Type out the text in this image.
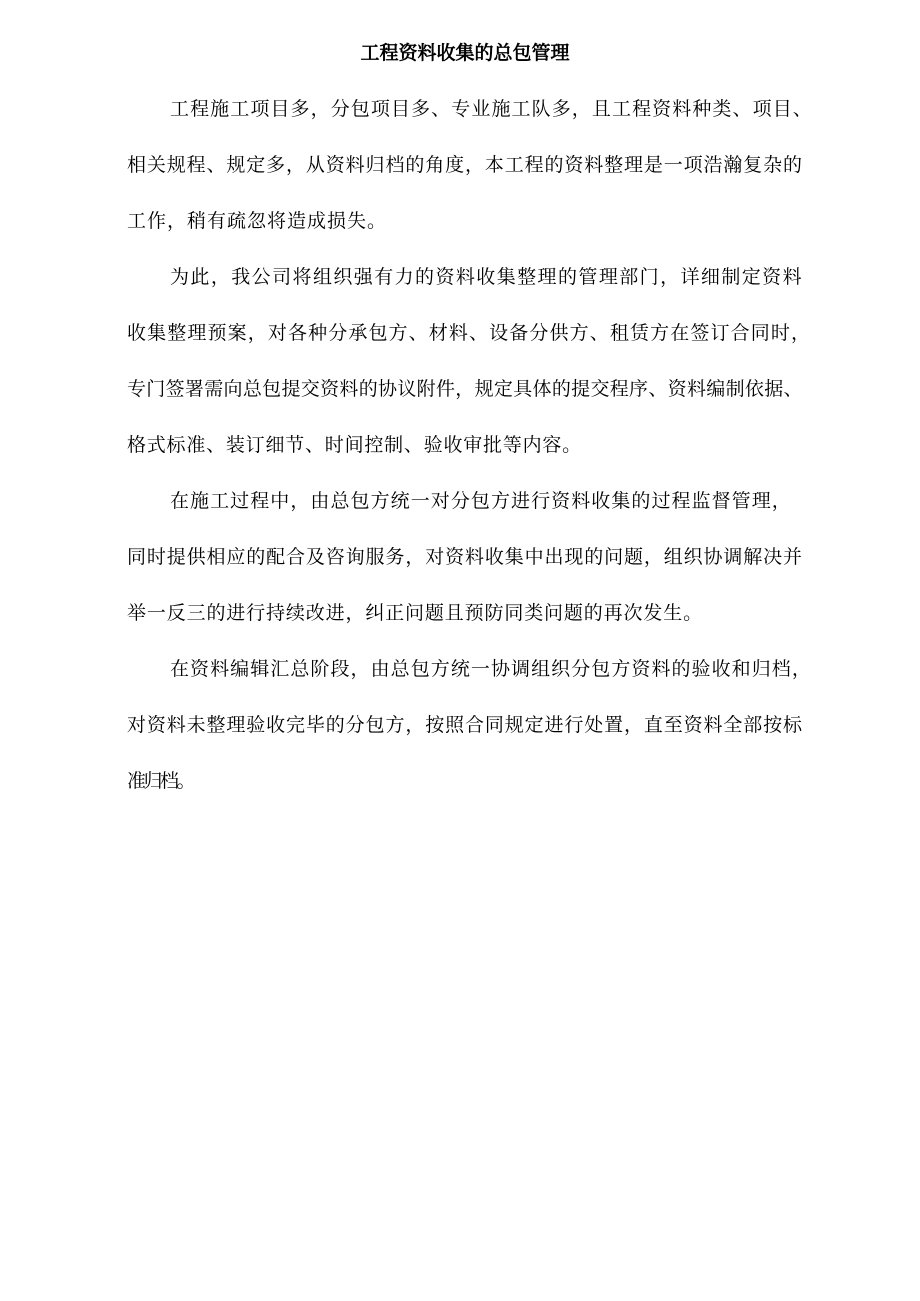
工程资料收集的总包管理
工程施工项目多，分包项目多、专业施工队多，且工程资料种类、项目、
相关规程、规定多，从资料归档的角度，本工程的资料整理是一项浩瀚复杂的
工作，稍有疏忽将造成损失。
为此，我公司将组织强有力的资料收集整理的管理部门，详细制定资料
收集整理预案，对各种分承包方、材料、设备分供方、租赁方在签订合同时，
专门签署需向总包提交资料的协议附件，规定具体的提交程序、资料编制依据、
格式标准、装订细节、时间控制、验收审批等内容。
在施工过程中，由总包方统一对分包方进行资料收集的过程监督管理，
同时提供相应的配合及咨询服务，对资料收集中出现的问题，组织协调解决并
举一反三的进行持续改进，纠正问题且预防同类问题的再次发生。
在资料编辑汇总阶段，由总包方统一协调组织分包方资料的验收和归档，
对资料未整理验收完毕的分包方，按照合同规定进行处置，直至资料全部按标
准归档。
